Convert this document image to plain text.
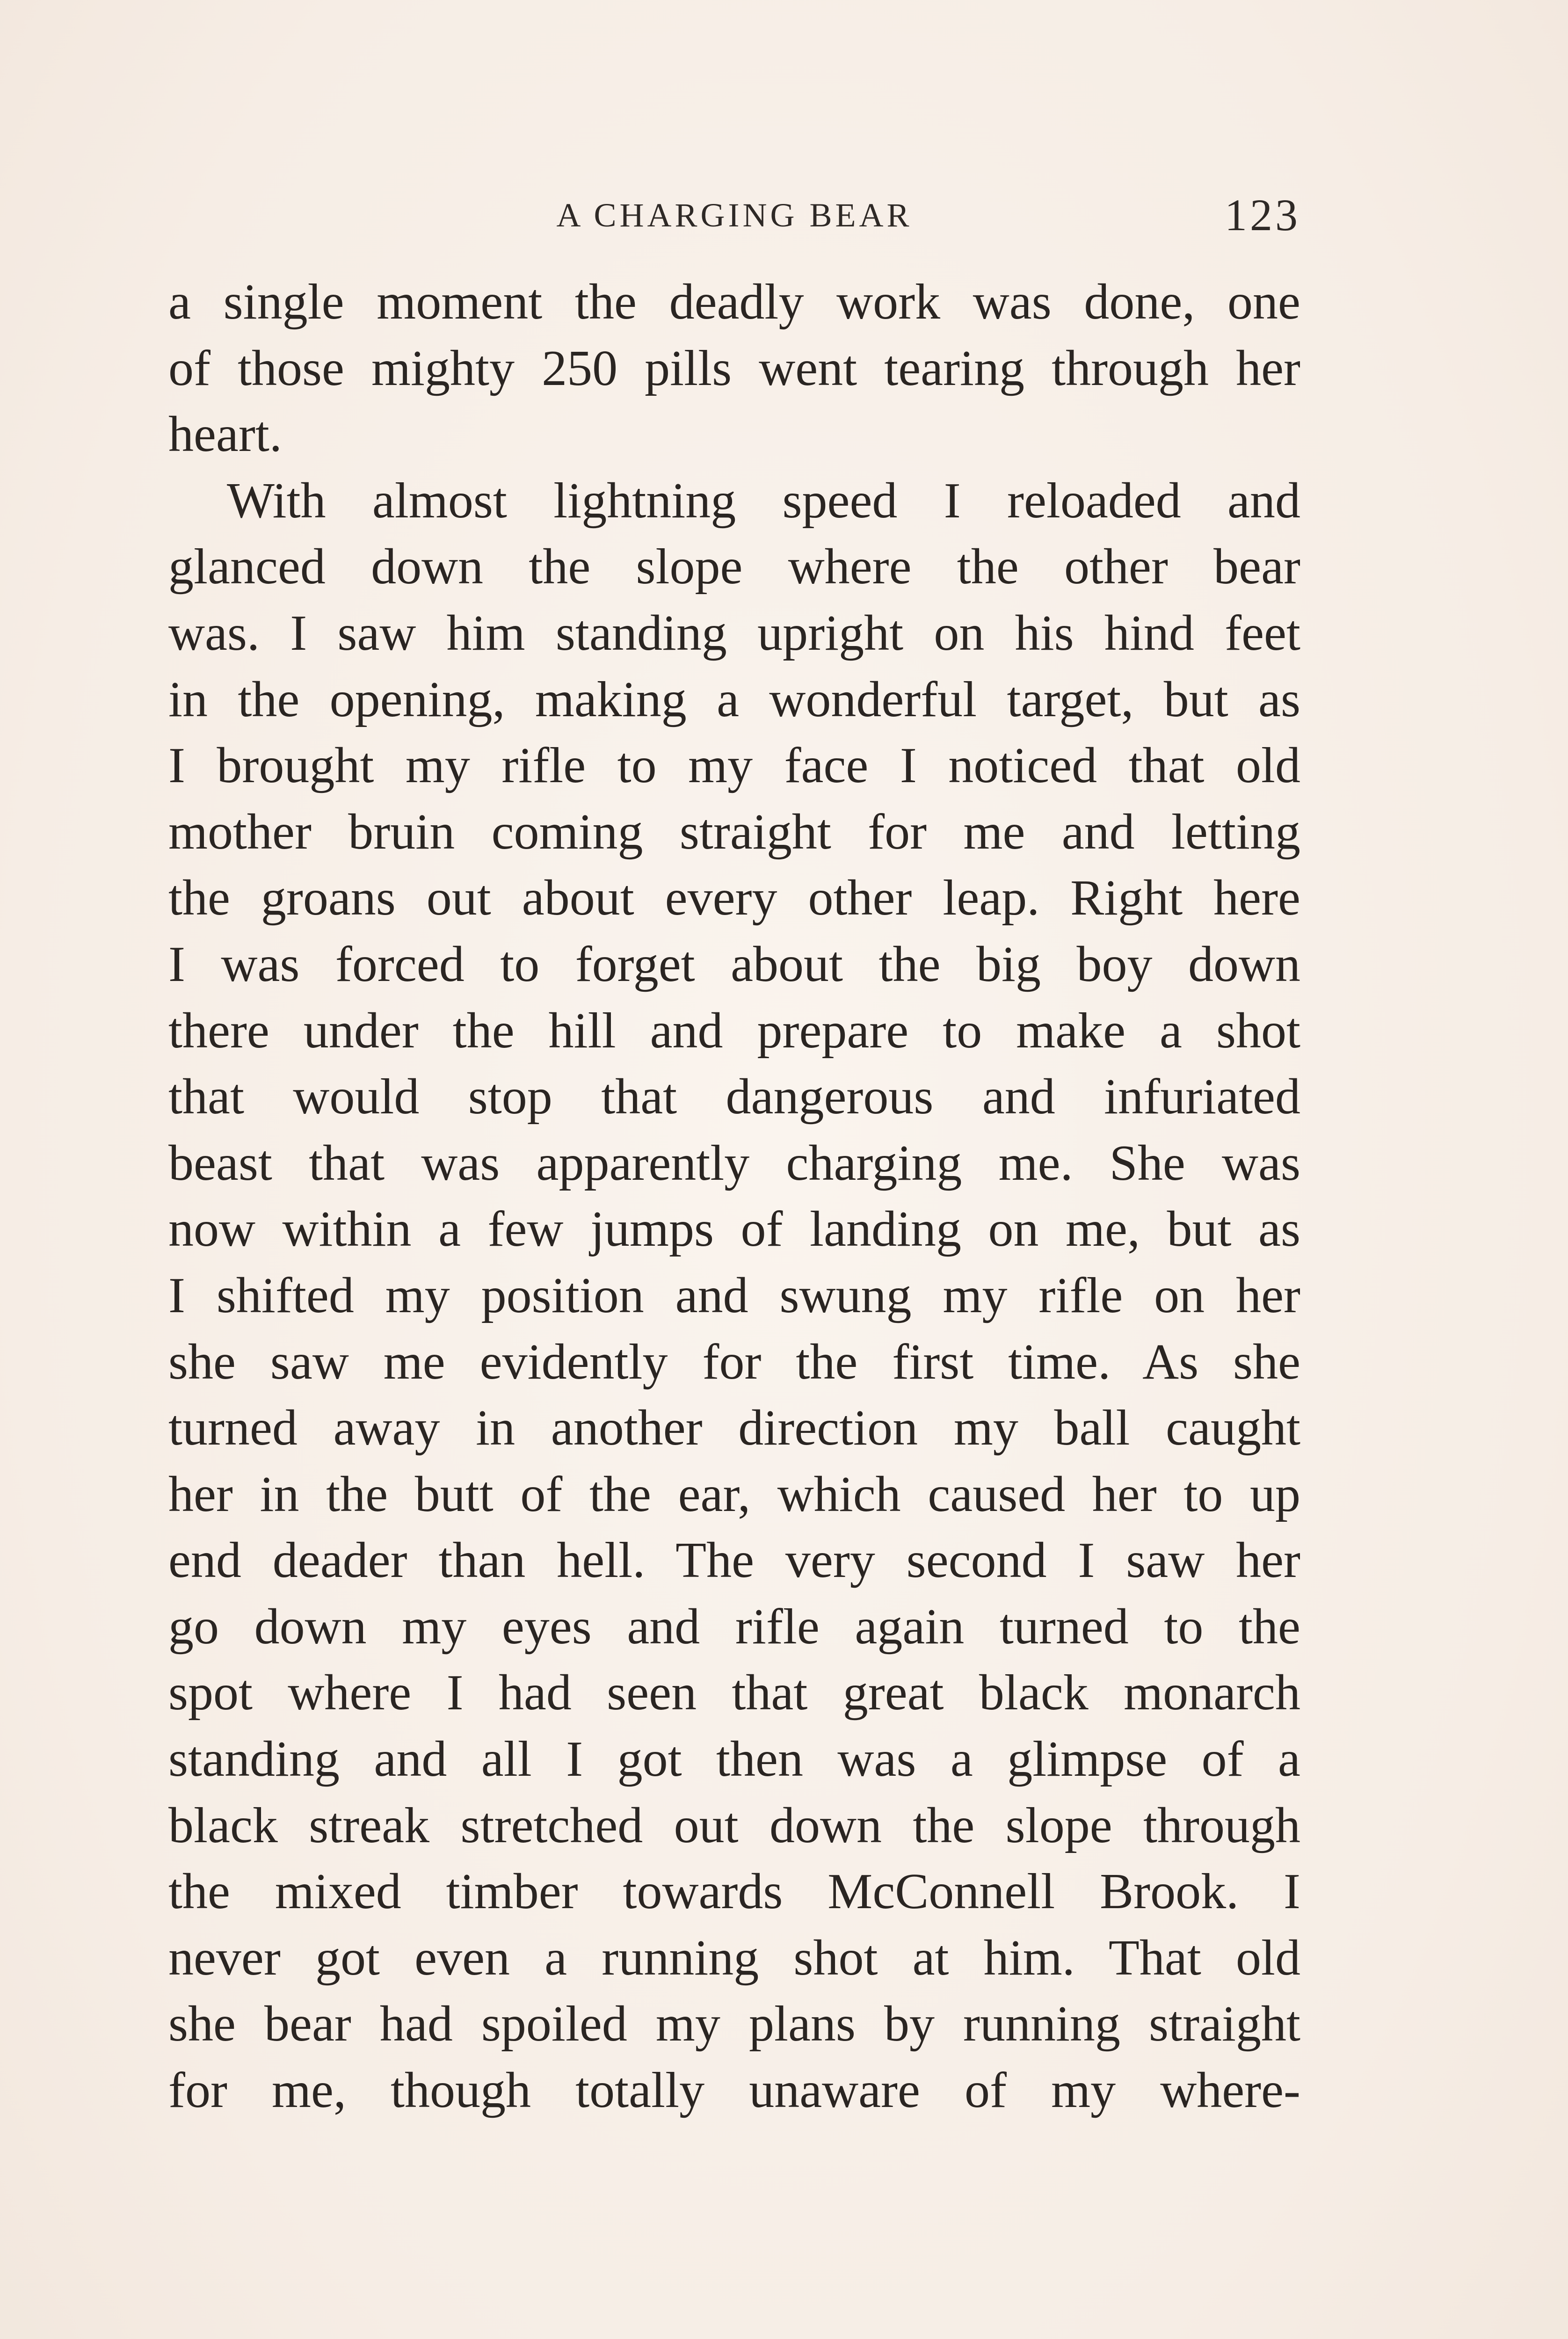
A CHARGING BEAR	123
a single moment the deadly work was done, one
of those mighty 250 pills went tearing through her
heart.
With almost lightning speed I reloaded and
glanced down the slope where the other bear
was. I saw him standing upright on his hind feet
in the opening, making a wonderful target, but as
I brought my rifle to my face I noticed that old
mother bruin coming straight for me and letting
the groans out about every other leap. Right here
I was forced to forget about the big boy down
there under the hill and prepare to make a shot
that would stop that dangerous and infuriated
beast that was apparently charging me. She was
now within a few jumps of landing on me, but as
I shifted my position and swung my rifle on her
she saw me evidently for the first time. As she
turned away in another direction my ball caught
her in the butt of the ear, which caused her to up
end deader than hell. The very second I saw her
go down my eyes and rifle again turned to the
spot where I had seen that great black monarch
standing and all I got then was a glimpse of a
black streak stretched out down the slope through
the mixed timber towards McConnell Brook. I
never got even a running shot at him. That old
she bear had spoiled my plans by running straight
for me, though totally unaware of my where-
